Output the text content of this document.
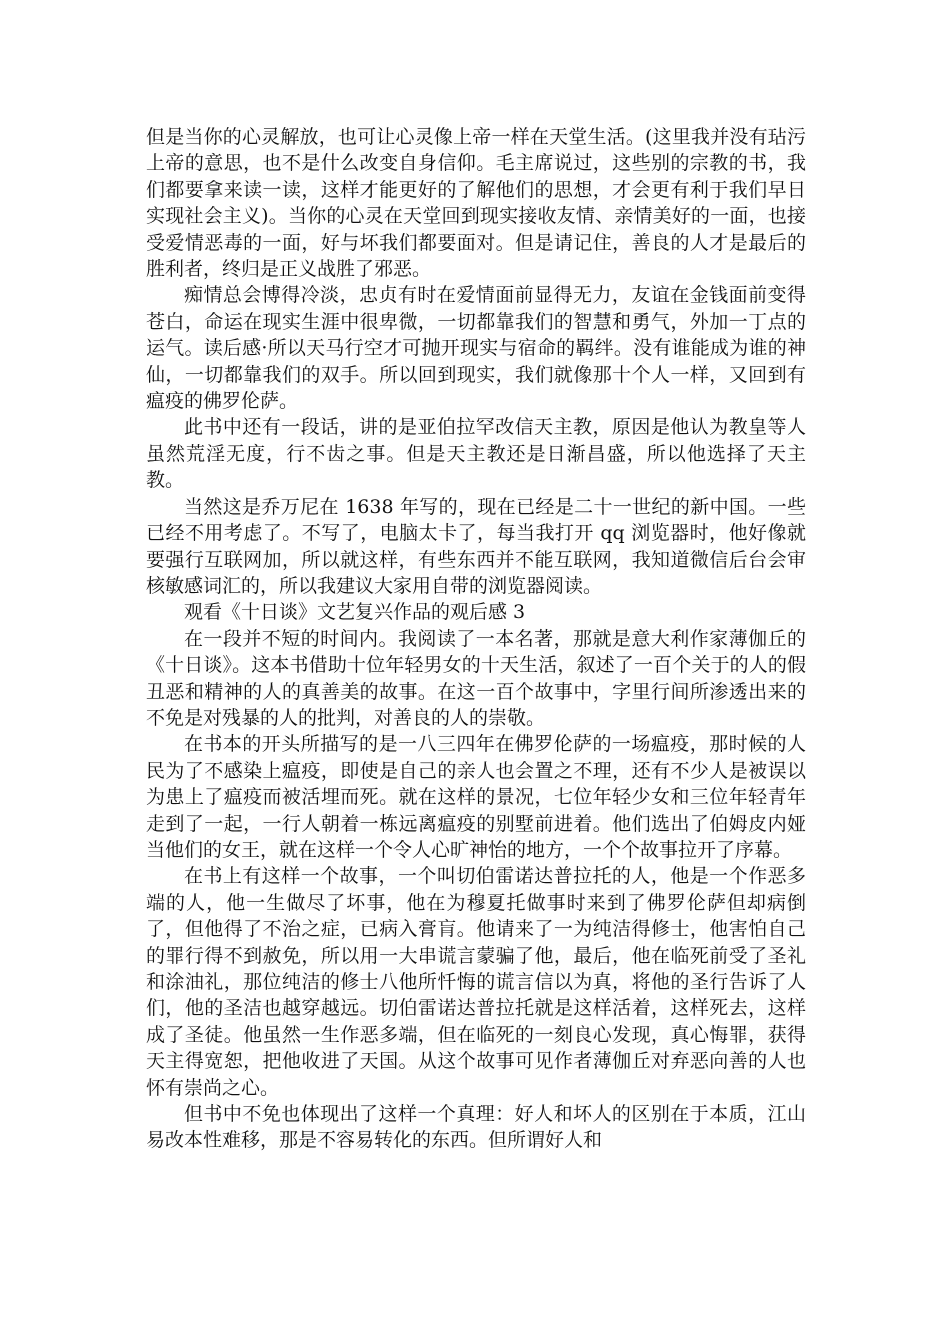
但是当你的心灵解放，也可让心灵像上帝一样在天堂生活。(这里我并没有玷污上帝的意思，也不是什么改变自身信仰。毛主席说过，这些别的宗教的书，我们都要拿来读一读，这样才能更好的了解他们的思想，才会更有利于我们早日实现社会主义)。当你的心灵在天堂回到现实接收友情、亲情美好的一面，也接受爱情恶毒的一面，好与坏我们都要面对。但是请记住，善良的人才是最后的胜利者，终归是正义战胜了邪恶。

痴情总会博得冷淡，忠贞有时在爱情面前显得无力，友谊在金钱面前变得苍白，命运在现实生涯中很卑微，一切都靠我们的智慧和勇气，外加一丁点的运气。读后感·所以天马行空才可抛开现实与宿命的羁绊。没有谁能成为谁的神仙，一切都靠我们的双手。所以回到现实，我们就像那十个人一样，又回到有瘟疫的佛罗伦萨。

此书中还有一段话，讲的是亚伯拉罕改信天主教，原因是他认为教皇等人虽然荒淫无度，行不齿之事。但是天主教还是日渐昌盛，所以他选择了天主教。

当然这是乔万尼在 1638 年写的，现在已经是二十一世纪的新中国。一些已经不用考虑了。不写了，电脑太卡了，每当我打开 qq 浏览器时，他好像就要强行互联网加，所以就这样，有些东西并不能互联网，我知道微信后台会审核敏感词汇的，所以我建议大家用自带的浏览器阅读。

观看《十日谈》文艺复兴作品的观后感 3

在一段并不短的时间内。我阅读了一本名著，那就是意大利作家薄伽丘的《十日谈》。这本书借助十位年轻男女的十天生活，叙述了一百个关于的人的假丑恶和精神的人的真善美的故事。在这一百个故事中，字里行间所渗透出来的不免是对残暴的人的批判，对善良的人的崇敬。

在书本的开头所描写的是一八三四年在佛罗伦萨的一场瘟疫，那时候的人民为了不感染上瘟疫，即使是自己的亲人也会置之不理，还有不少人是被误以为患上了瘟疫而被活埋而死。就在这样的景况，七位年轻少女和三位年轻青年走到了一起，一行人朝着一栋远离瘟疫的别墅前进着。他们选出了伯姆皮内娅当他们的女王，就在这样一个令人心旷神怡的地方，一个个故事拉开了序幕。

在书上有这样一个故事，一个叫切伯雷诺达普拉托的人，他是一个作恶多端的人，他一生做尽了坏事，他在为穆夏托做事时来到了佛罗伦萨但却病倒了，但他得了不治之症，已病入膏肓。他请来了一为纯洁得修士，他害怕自己的罪行得不到赦免，所以用一大串谎言蒙骗了他，最后，他在临死前受了圣礼和涂油礼，那位纯洁的修士八他所忏悔的谎言信以为真，将他的圣行告诉了人们，他的圣洁也越穿越远。切伯雷诺达普拉托就是这样活着，这样死去，这样成了圣徒。他虽然一生作恶多端，但在临死的一刻良心发现，真心悔罪，获得天主得宽恕，把他收进了天国。从这个故事可见作者薄伽丘对弃恶向善的人也怀有崇尚之心。

但书中不免也体现出了这样一个真理：好人和坏人的区别在于本质，江山易改本性难移，那是不容易转化的东西。但所谓好人和
